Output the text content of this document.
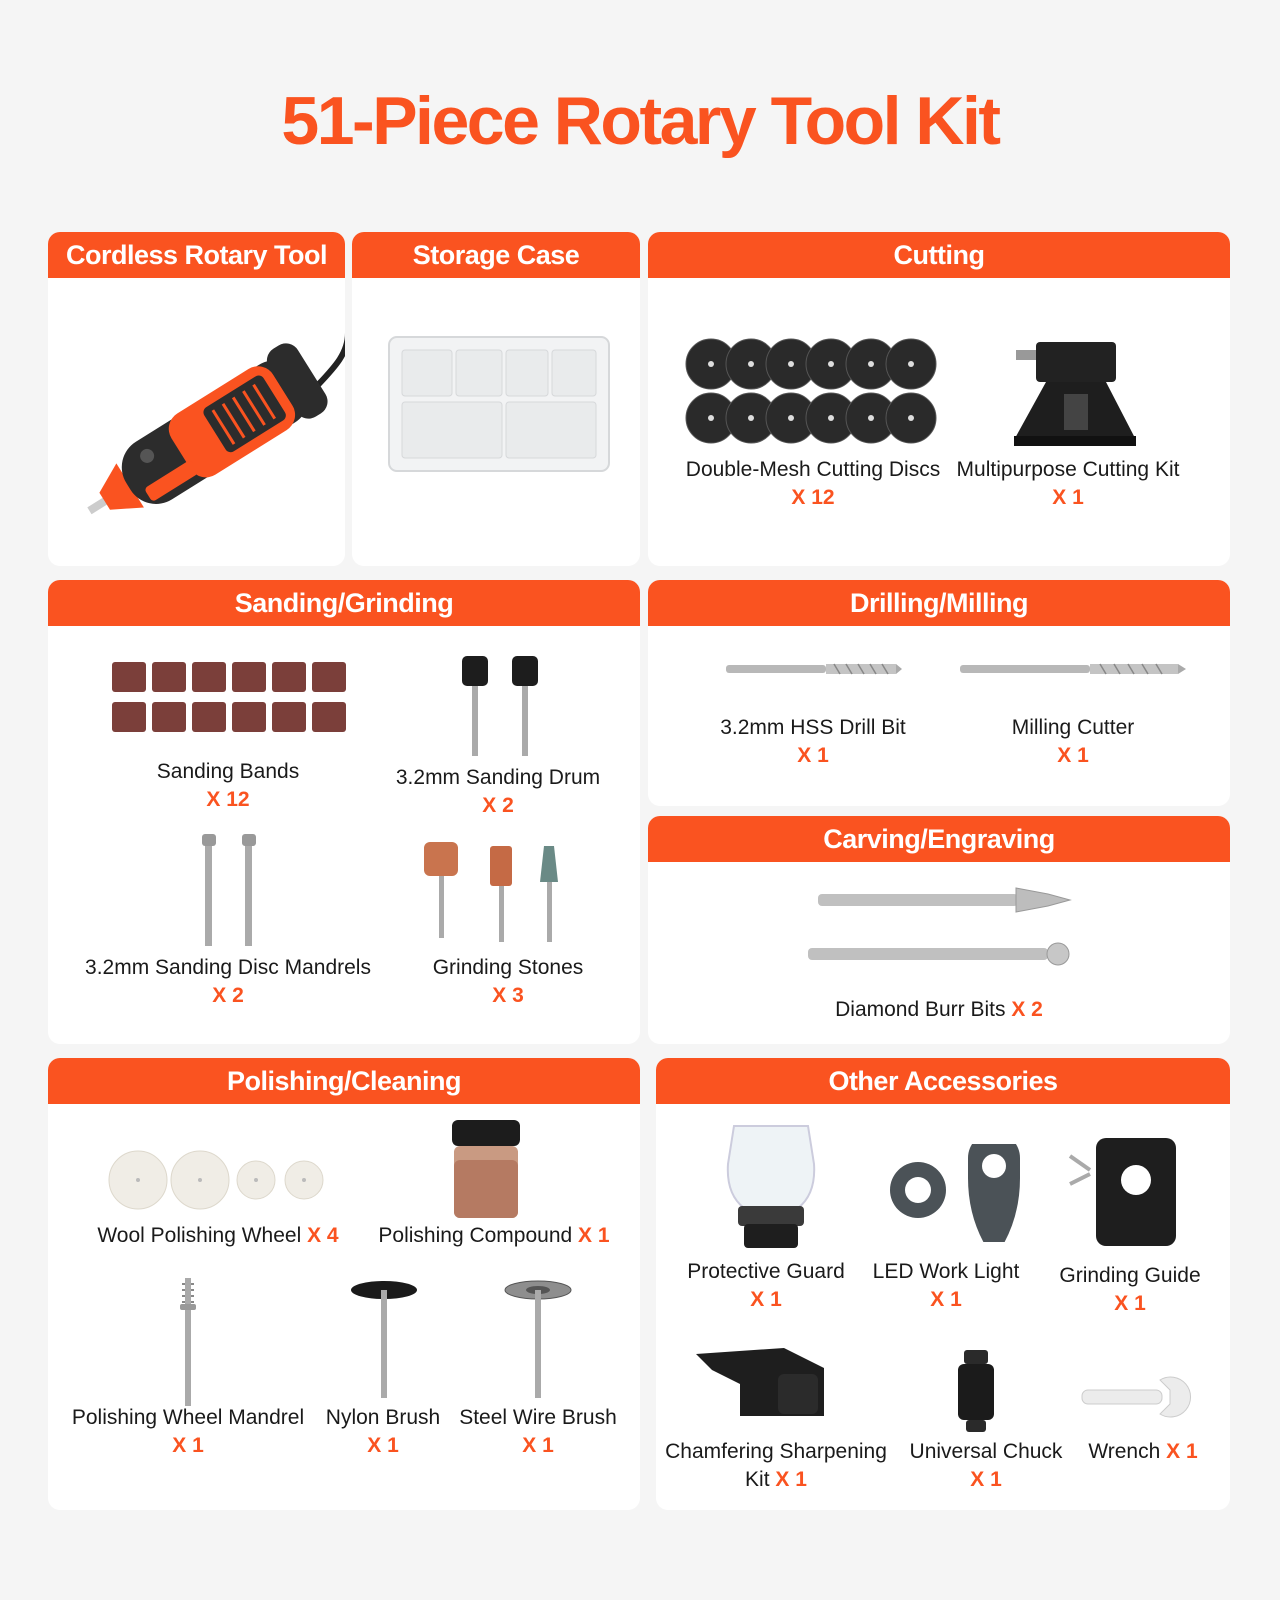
51-Piece Rotary Tool Kit
Cordless Rotary Tool
VEVOR
Storage Case	Cutting
Double-Mesh Cutting Discs
X 12
Multipurpose Cutting Kit
X 1
Sanding/Grinding
Sanding Bands
X 12
3.2mm Sanding Drum
X 2
3.2mm Sanding Disc Mandrels
X 2
Grinding Stones
X 3
Drilling/Milling
3.2mm HSS Drill Bit
X 1
Milling Cutter
X 1
Carving/Engraving
Diamond Burr Bits X 2
Polishing/Cleaning
Wool Polishing Wheel X 4	Polishing Compound X 1
Polishing Wheel Mandrel
X 1
Nylon Brush
X 1
Steel Wire Brush
X 1
Other Accessories
Protective Guard
X 1
LED Work Light
X 1
Grinding Guide
X 1
Chamfering Sharpening
Kit X 1
Universal Chuck
X 1
Wrench X 1
